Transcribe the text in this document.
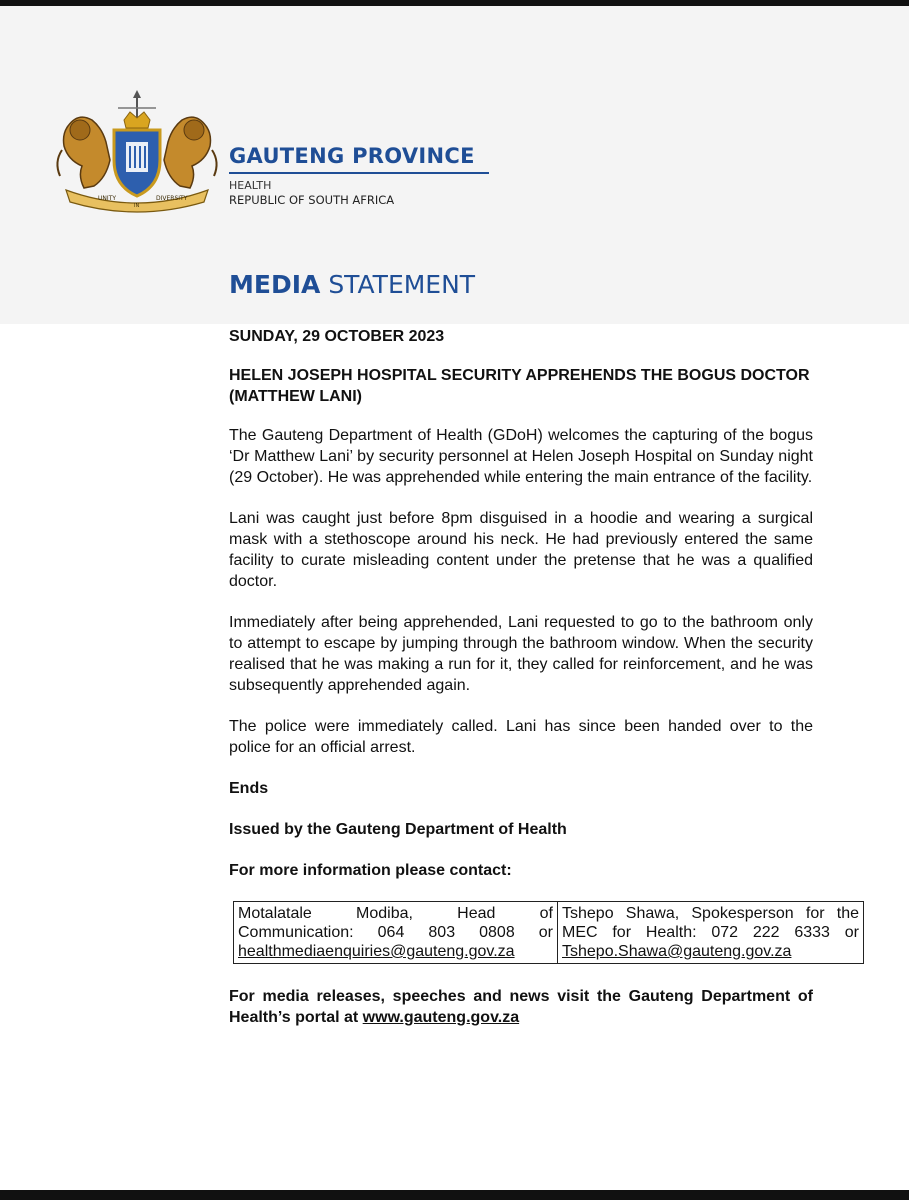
UNITY
IN
DIVERSITY
GAUTENG PROVINCE
HEALTH
REPUBLIC OF SOUTH AFRICA
MEDIA STATEMENT

SUNDAY, 29 OCTOBER 2023

HELEN JOSEPH HOSPITAL SECURITY APPREHENDS THE BOGUS DOCTOR (MATTHEW LANI)

The Gauteng Department of Health (GDoH) welcomes the capturing of the bogus ‘Dr Matthew Lani’ by security personnel at Helen Joseph Hospital on Sunday night (29 October). He was apprehended while entering the main entrance of the facility.

Lani was caught just before 8pm disguised in a hoodie and wearing a surgical mask with a stethoscope around his neck. He had previously entered the same facility to curate misleading content under the pretense that he was a qualified doctor.

Immediately after being apprehended, Lani requested to go to the bathroom only to attempt to escape by jumping through the bathroom window. When the security realised that he was making a run for it, they called for reinforcement, and he was subsequently apprehended again.

The police were immediately called. Lani has since been handed over to the police for an official arrest.

Ends

Issued by the Gauteng Department of Health

For more information please contact:

Motalatale Modiba, Head of Communication: 064 803 0808 or healthmediaenquiries@gauteng.gov.za	Tshepo Shawa, Spokesperson for the MEC for Health: 072 222 6333 or Tshepo.Shawa@gauteng.gov.za

For media releases, speeches and news visit the Gauteng Department of Health’s portal at www.gauteng.gov.za
